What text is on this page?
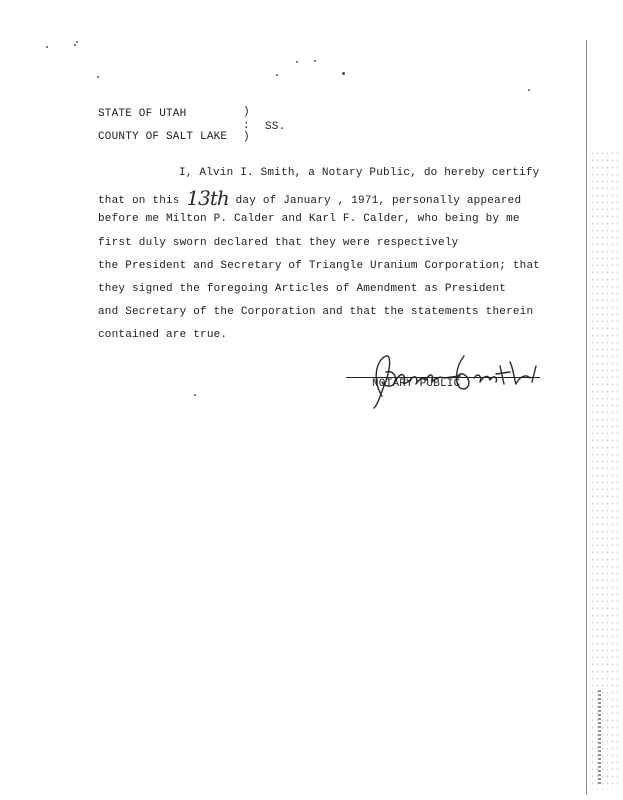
STATE OF UTAH	)
: SS.
COUNTY OF SALT LAKE )
I, Alvin I. Smith, a Notary Public, do hereby certify
that on this 13th day of January , 1971, personally appeared
before me Milton P. Calder and Karl F. Calder, who being by me
first duly sworn declared that they were respectively
the President and Secretary of Triangle Uranium Corporation; that
they signed the foregoing Articles of Amendment as President
and Secretary of the Corporation and that the statements therein
contained are true.
NOTARY PUBLIC
